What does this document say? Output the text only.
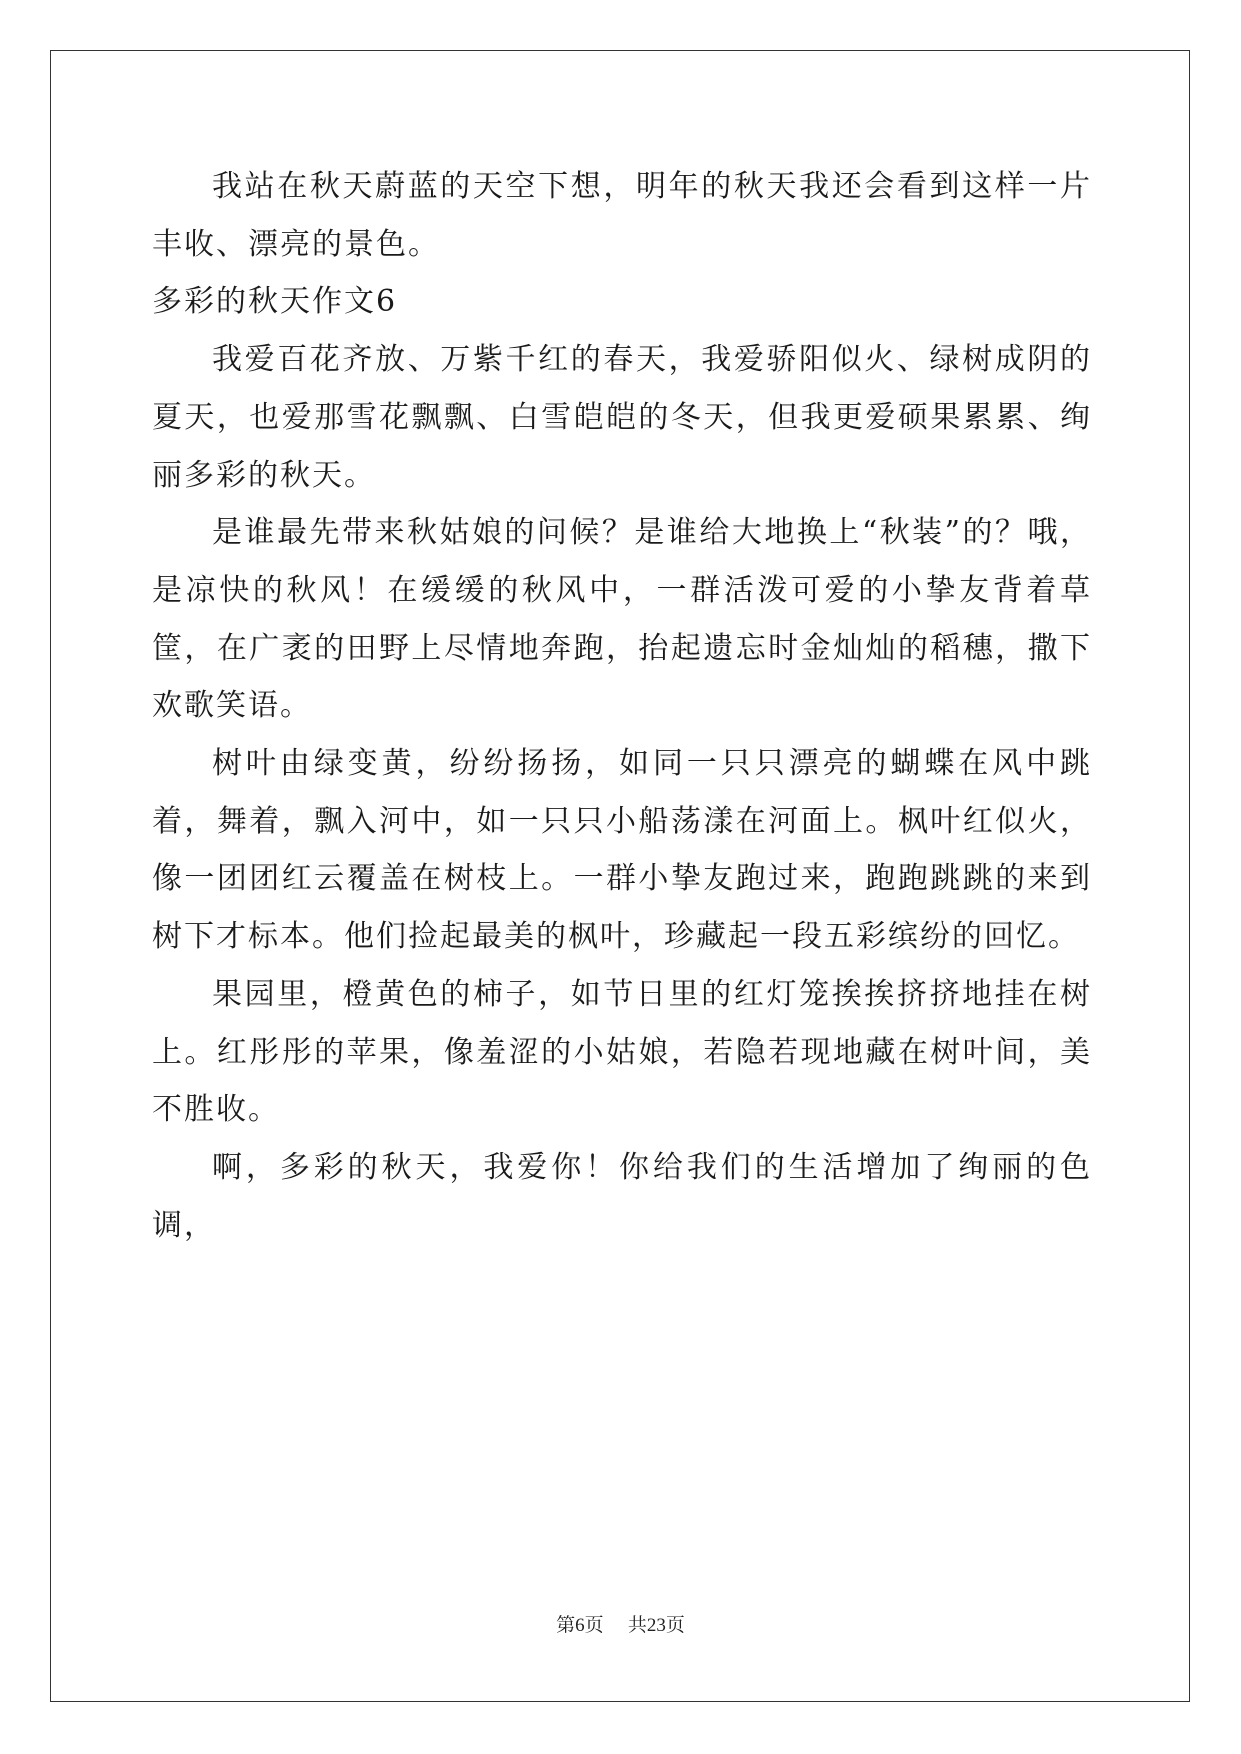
我站在秋天蔚蓝的天空下想，明年的秋天我还会看到这样一片丰收、漂亮的景色。

多彩的秋天作文6

我爱百花齐放、万紫千红的春天，我爱骄阳似火、绿树成阴的夏天，也爱那雪花飘飘、白雪皑皑的冬天，但我更爱硕果累累、绚丽多彩的秋天。

是谁最先带来秋姑娘的问候？是谁给大地换上“秋装”的？哦，是凉快的秋风！在缓缓的秋风中，一群活泼可爱的小挚友背着草筐，在广袤的田野上尽情地奔跑，抬起遗忘时金灿灿的稻穗，撒下欢歌笑语。

树叶由绿变黄，纷纷扬扬，如同一只只漂亮的蝴蝶在风中跳着，舞着，飘入河中，如一只只小船荡漾在河面上。枫叶红似火，像一团团红云覆盖在树枝上。一群小挚友跑过来，跑跑跳跳的来到树下才标本。他们捡起最美的枫叶，珍藏起一段五彩缤纷的回忆。

果园里，橙黄色的柿子，如节日里的红灯笼挨挨挤挤地挂在树上。红彤彤的苹果，像羞涩的小姑娘，若隐若现地藏在树叶间，美不胜收。

啊，多彩的秋天，我爱你！你给我们的生活增加了绚丽的色调，

第6页 共23页
